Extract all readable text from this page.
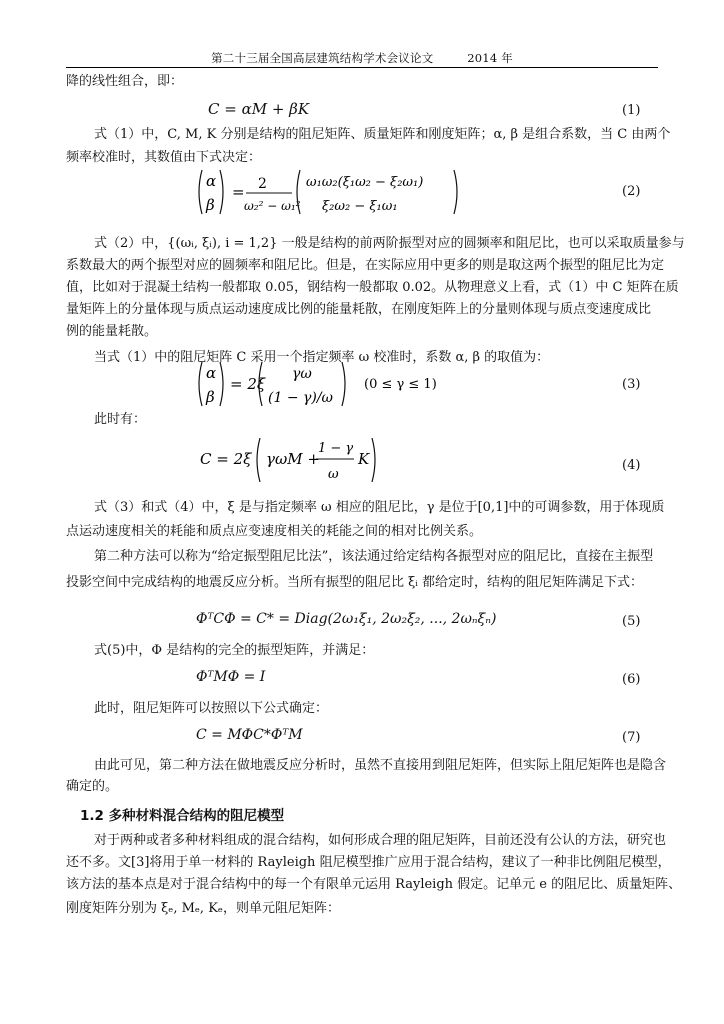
第二十三届全国高层建筑结构学术会议论文	2014 年
降的线性组合，即：
C = αM + βK	(1)
式（1）中，C, M, K 分别是结构的阻尼矩阵、质量矩阵和刚度矩阵；α, β 是组合系数，当 C 由两个
频率校准时，其数值由下式决定：
α
β
= 2
ω₂² − ω₁²
ω₁ω₂(ξ₁ω₂ − ξ₂ω₁)
ξ₂ω₂ − ξ₁ω₁
(2)
式（2）中，{(ωᵢ, ξᵢ), i = 1,2} 一般是结构的前两阶振型对应的圆频率和阻尼比，也可以采取质量参与
系数最大的两个振型对应的圆频率和阻尼比。但是，在实际应用中更多的则是取这两个振型的阻尼比为定
值，比如对于混凝土结构一般都取 0.05，钢结构一般都取 0.02。从物理意义上看，式（1）中 C 矩阵在质
量矩阵上的分量体现与质点运动速度成比例的能量耗散，在刚度矩阵上的分量则体现与质点变速度成比
例的能量耗散。
当式（1）中的阻尼矩阵 C 采用一个指定频率 ω 校准时，系数 α, β 的取值为：
α
β
= 2ξ
γω
(1 − γ)/ω
(0 ≤ γ ≤ 1)	(3)
此时有：
C = 2ξ γωM +
1 − γ
ω
K	(4)
式（3）和式（4）中，ξ 是与指定频率 ω 相应的阻尼比，γ 是位于[0,1]中的可调参数，用于体现质
点运动速度相关的耗能和质点应变速度相关的耗能之间的相对比例关系。
第二种方法可以称为“给定振型阻尼比法”，该法通过给定结构各振型对应的阻尼比，直接在主振型
投影空间中完成结构的地震反应分析。当所有振型的阻尼比 ξᵢ 都给定时，结构的阻尼矩阵满足下式：
ΦᵀCΦ = C* = Diag(2ω₁ξ₁, 2ω₂ξ₂, ..., 2ωₙξₙ)	(5)
式(5)中，Φ 是结构的完全的振型矩阵，并满足：
ΦᵀMΦ = I	(6)
此时，阻尼矩阵可以按照以下公式确定：
C = MΦC*ΦᵀM	(7)
由此可见，第二种方法在做地震反应分析时，虽然不直接用到阻尼矩阵，但实际上阻尼矩阵也是隐含
确定的。
1.2 多种材料混合结构的阻尼模型
对于两种或者多种材料组成的混合结构，如何形成合理的阻尼矩阵，目前还没有公认的方法，研究也
还不多。文[3]将用于单一材料的 Rayleigh 阻尼模型推广应用于混合结构，建议了一种非比例阻尼模型，
该方法的基本点是对于混合结构中的每一个有限单元运用 Rayleigh 假定。记单元 e 的阻尼比、质量矩阵、
刚度矩阵分别为 ξₑ, Mₑ, Kₑ，则单元阻尼矩阵：
